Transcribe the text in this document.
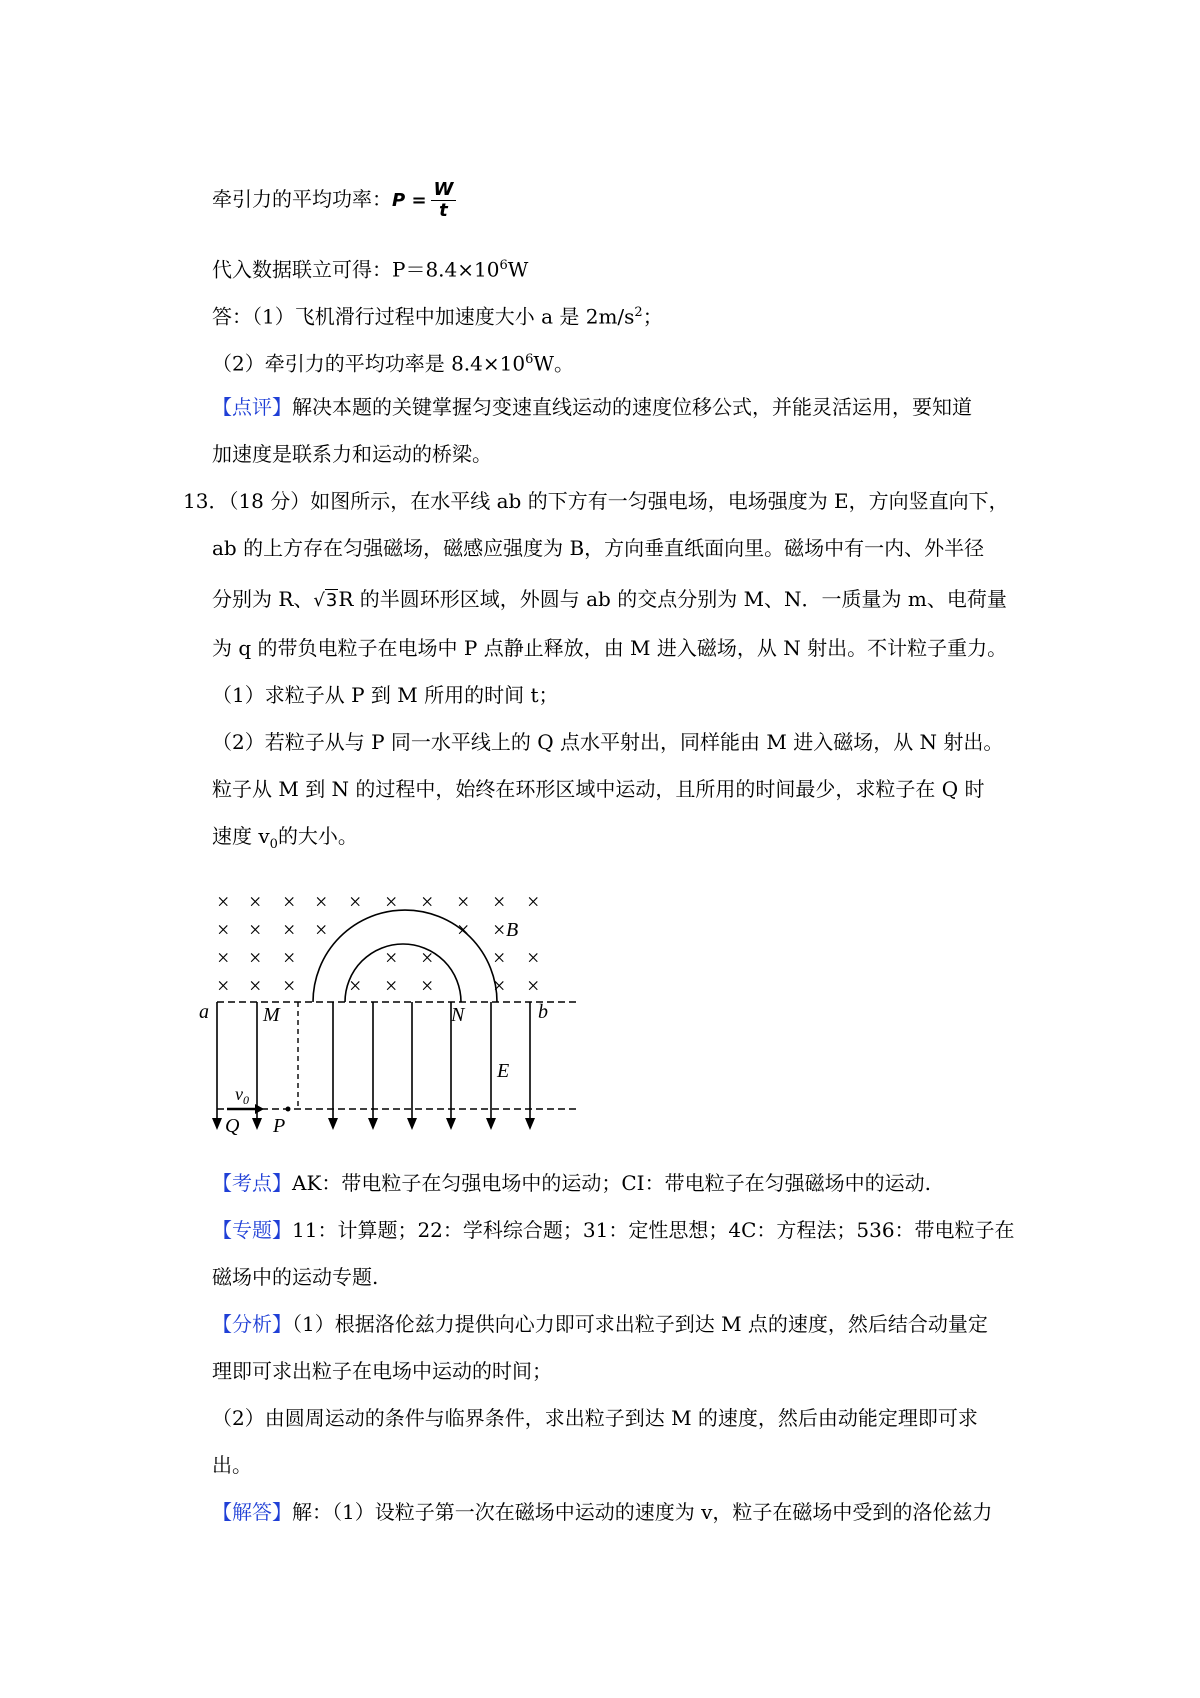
牵引力的平均功率：$P = \frac{W}{t}$
代入数据联立可得：$P=8.4\times 10^6W$
答：（1）飞机滑行过程中加速度大小 a 是 $2m/s^2$；
（2）牵引力的平均功率是 $8.4\times 10^6W$。
【点评】解决本题的关键掌握匀变速直线运动的速度位移公式，并能灵活运用，要知道
加速度是联系力和运动的桥梁。
13．（18 分）如图所示，在水平线 ab 的下方有一匀强电场，电场强度为 E，方向竖直向下，
ab 的上方存在匀强磁场，磁感应强度为 B，方向垂直纸面向里。磁场中有一内、外半径
分别为 R、√3R 的半圆环形区域，外圆与 ab 的交点分别为 M、N．一质量为 m、电荷量
为 q 的带负电粒子在电场中 P 点静止释放，由 M 进入磁场，从 N 射出。不计粒子重力。
（1）求粒子从 P 到 M 所用的时间 t；
（2）若粒子从与 P 同一水平线上的 Q 点水平射出，同样能由 M 进入磁场，从 N 射出。
粒子从 M 到 N 的过程中，始终在环形区域中运动，且所用的时间最少，求粒子在 Q 时
速度 $v_0$的大小。
× × × × × × × × × ×
× × × ×	× ×
× × ×	× ×	× ×
× × × × × ×	× ×
a	b
M	N
B
E
Q P
$v_0$
【考点】AK：带电粒子在匀强电场中的运动；CI：带电粒子在匀强磁场中的运动.
【专题】11：计算题；22：学科综合题；31：定性思想；4C：方程法；536：带电粒子在
磁场中的运动专题.
【分析】（1）根据洛伦兹力提供向心力即可求出粒子到达 M 点的速度，然后结合动量定
理即可求出粒子在电场中运动的时间；
（2）由圆周运动的条件与临界条件，求出粒子到达 M 的速度，然后由动能定理即可求
出。
【解答】解：（1）设粒子第一次在磁场中运动的速度为 v，粒子在磁场中受到的洛伦兹力
